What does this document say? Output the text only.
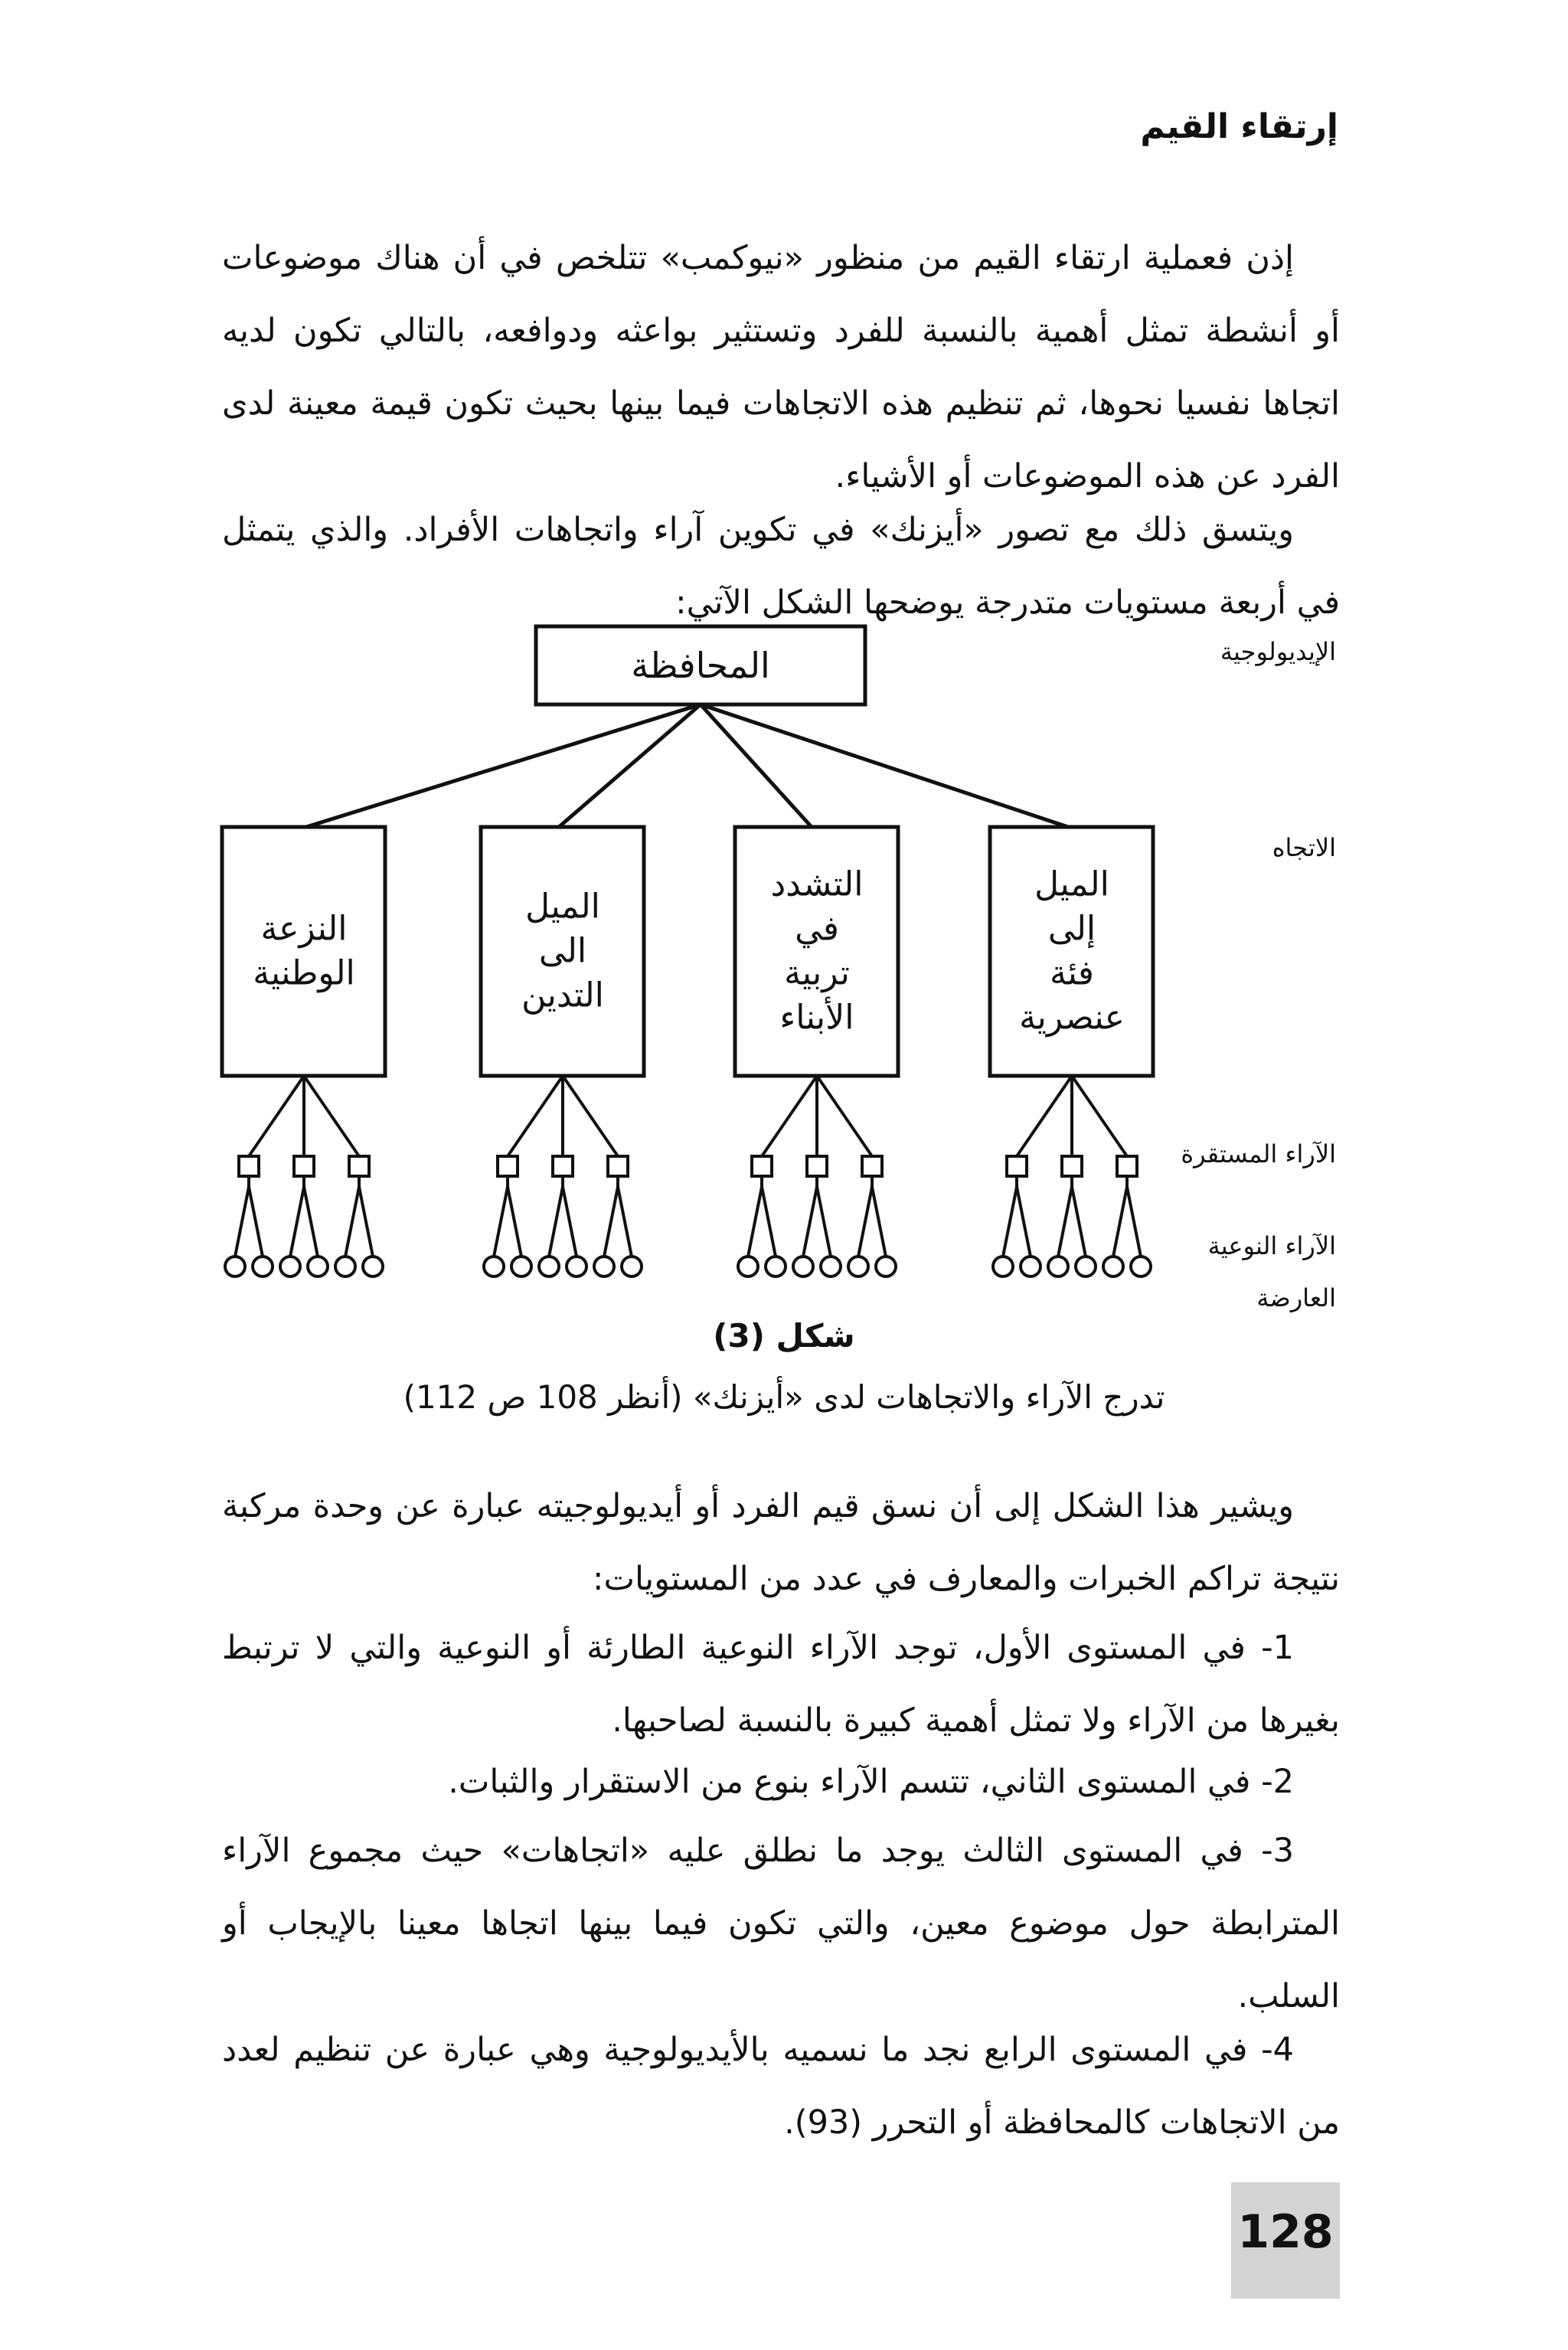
إرتقاء القيم

إذن فعملية ارتقاء القيم من منظور «نيوكمب» تتلخص في أن هناك موضوعات أو أنشطة تمثل أهمية بالنسبة للفرد وتستثير بواعثه ودوافعه، بالتالي تكون لديه اتجاها نفسيا نحوها، ثم تنظيم هذه الاتجاهات فيما بينها بحيث تكون قيمة معينة لدى الفرد عن هذه الموضوعات أو الأشياء.

ويتسق ذلك مع تصور «أيزنك» في تكوين آراء واتجاهات الأفراد. والذي يتمثل في أربعة مستويات متدرجة يوضحها الشكل الآتي:

المحافظة
الميل
إلى
فئة
عنصرية
التشدد
في
تربية
الأبناء
الميل
الى
التدين
النزعة
الوطنية
الإيديولوجية
الاتجاه
الآراء المستقرة
الآراء النوعية
العارضة
شكل (3)
تدرج الآراء والاتجاهات لدى «أيزنك» (أنظر 108 ص 112)

ويشير هذا الشكل إلى أن نسق قيم الفرد أو أيديولوجيته عبارة عن وحدة مركبة نتيجة تراكم الخبرات والمعارف في عدد من المستويات:

1- في المستوى الأول، توجد الآراء النوعية الطارئة أو النوعية والتي لا ترتبط بغيرها من الآراء ولا تمثل أهمية كبيرة بالنسبة لصاحبها.

2- في المستوى الثاني، تتسم الآراء بنوع من الاستقرار والثبات.

3- في المستوى الثالث يوجد ما نطلق عليه «اتجاهات» حيث مجموع الآراء المترابطة حول موضوع معين، والتي تكون فيما بينها اتجاها معينا بالإيجاب أو السلب.

4- في المستوى الرابع نجد ما نسميه بالأيديولوجية وهي عبارة عن تنظيم لعدد من الاتجاهات كالمحافظة أو التحرر (93).

128
